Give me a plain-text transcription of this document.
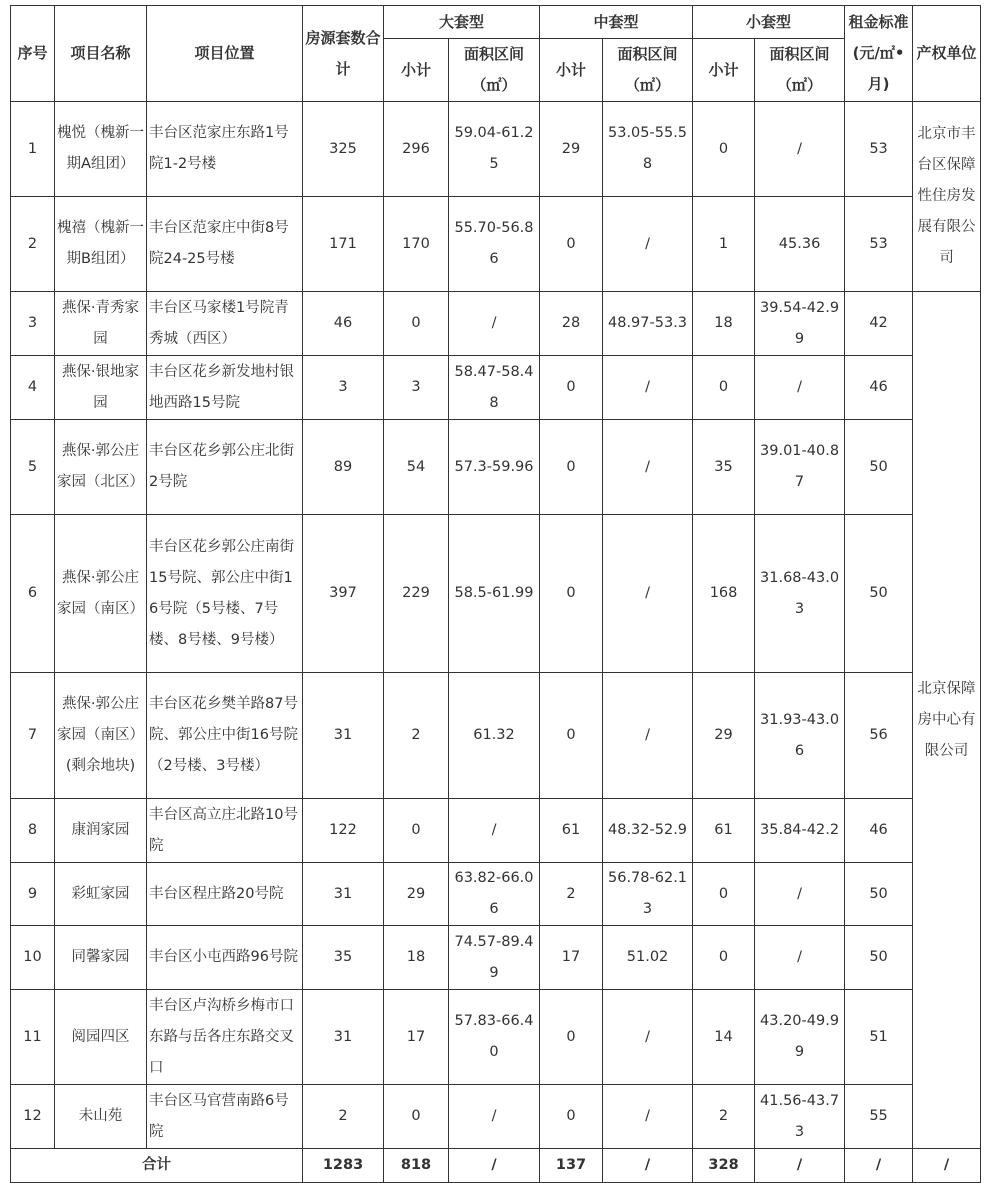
序号	项目名称	项目位置	房源套数合计	大套型		中套型		小套型		租金标准(元/㎡•月)	产权单位
				小计	面积区间（㎡）	小计	面积区间（㎡）	小计	面积区间（㎡）		
1	槐悦（槐新一期A组团）	丰台区范家庄东路1号院1-2号楼	325	296	59.04-61.25	29	53.05-55.58	0	/	53	北京市丰台区保障性住房发展有限公司
2	槐禧（槐新一期B组团）	丰台区范家庄中街8号院24-25号楼	171	170	55.70-56.86	0	/	1	45.36	53	
3	燕保·青秀家园	丰台区马家楼1号院青秀城（西区）	46	0	/	28	48.97-53.3	18	39.54-42.99	42	北京保障房中心有限公司
4	燕保·银地家园	丰台区花乡新发地村银地西路15号院	3	3	58.47-58.48	0	/	0	/	46	
5	燕保·郭公庄家园（北区）	丰台区花乡郭公庄北街2号院	89	54	57.3-59.96	0	/	35	39.01-40.87	50	
6	燕保·郭公庄家园（南区）	丰台区花乡郭公庄南街15号院、郭公庄中街16号院（5号楼、7号楼、8号楼、9号楼）	397	229	58.5-61.99	0	/	168	31.68-43.03	50	
7	燕保·郭公庄家园（南区）(剩余地块)	丰台区花乡樊羊路87号院、郭公庄中街16号院（2号楼、3号楼）	31	2	61.32	0	/	29	31.93-43.06	56	
8	康润家园	丰台区高立庄北路10号院	122	0	/	61	48.32-52.9	61	35.84-42.2	46	
9	彩虹家园	丰台区程庄路20号院	31	29	63.82-66.06	2	56.78-62.13	0	/	50	
10	同馨家园	丰台区小屯西路96号院	35	18	74.57-89.49	17	51.02	0	/	50	
11	阅园四区	丰台区卢沟桥乡梅市口东路与岳各庄东路交叉口	31	17	57.83-66.40	0	/	14	43.20-49.99	51	
12	未山苑	丰台区马官营南路6号院	2	0	/	0	/	2	41.56-43.73	55	
合计			1283	818	/	137	/	328	/	/	/
